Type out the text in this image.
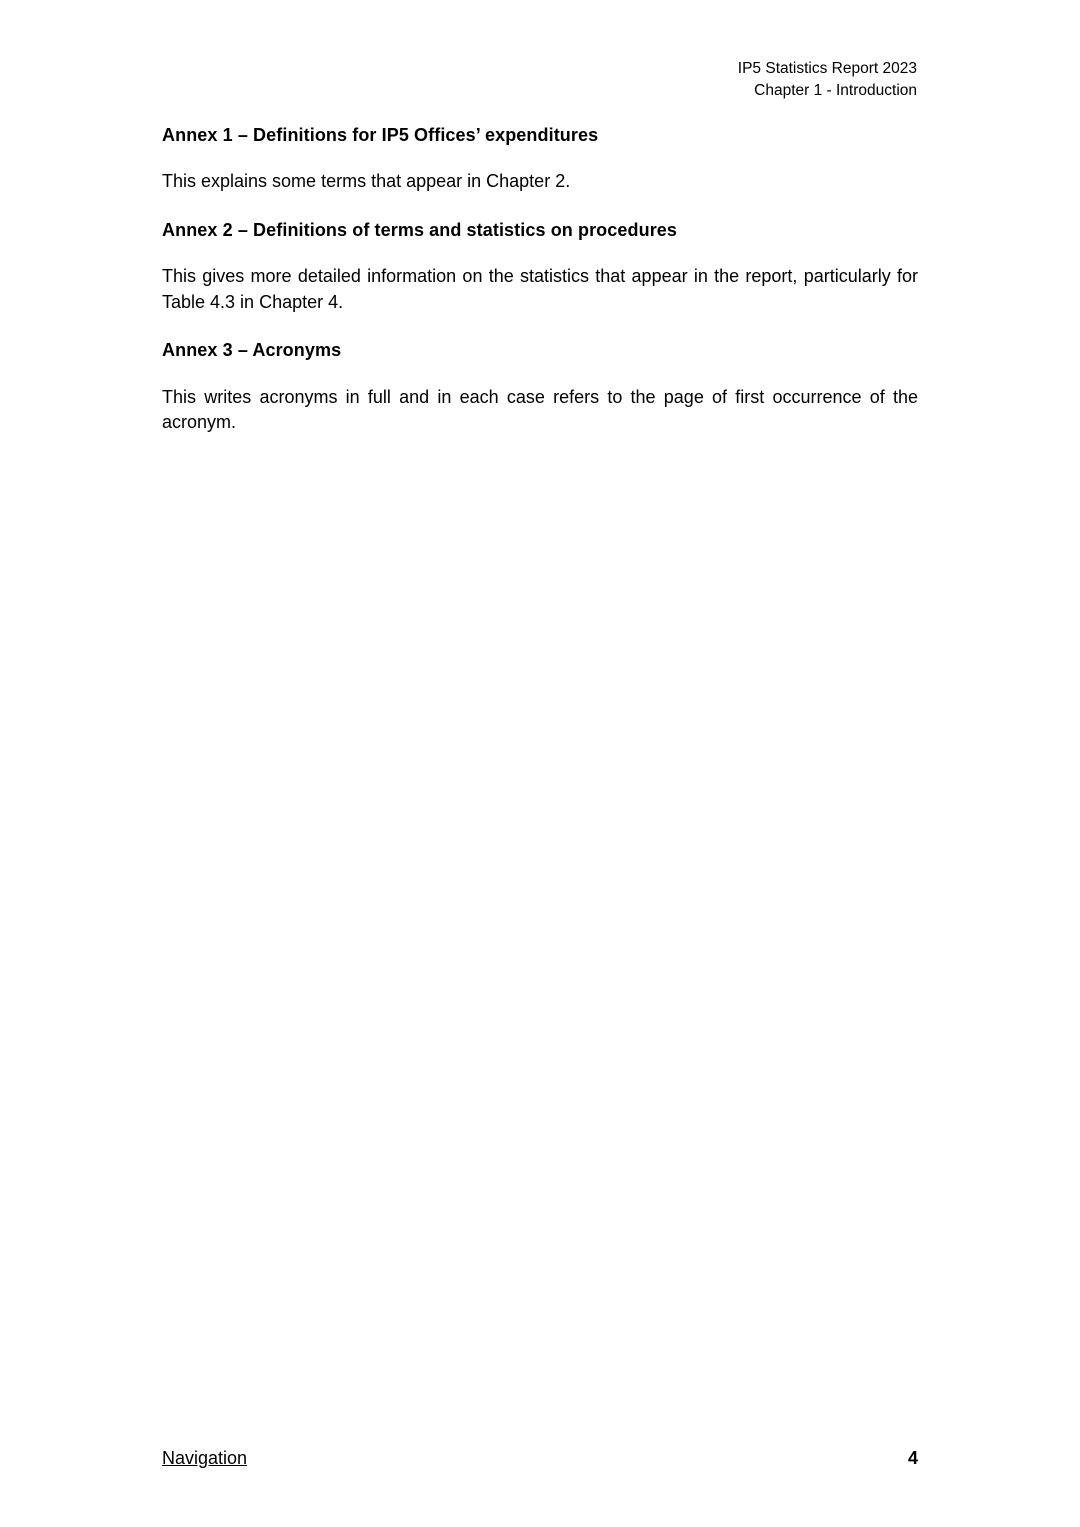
IP5 Statistics Report 2023
Chapter 1 - Introduction
Annex 1 – Definitions for IP5 Offices’ expenditures

This explains some terms that appear in Chapter 2.

Annex 2 – Definitions of terms and statistics on procedures

This gives more detailed information on the statistics that appear in the report, particularly for Table 4.3 in Chapter 4.

Annex 3 – Acronyms

This writes acronyms in full and in each case refers to the page of first occurrence of the acronym.

Navigation	4
